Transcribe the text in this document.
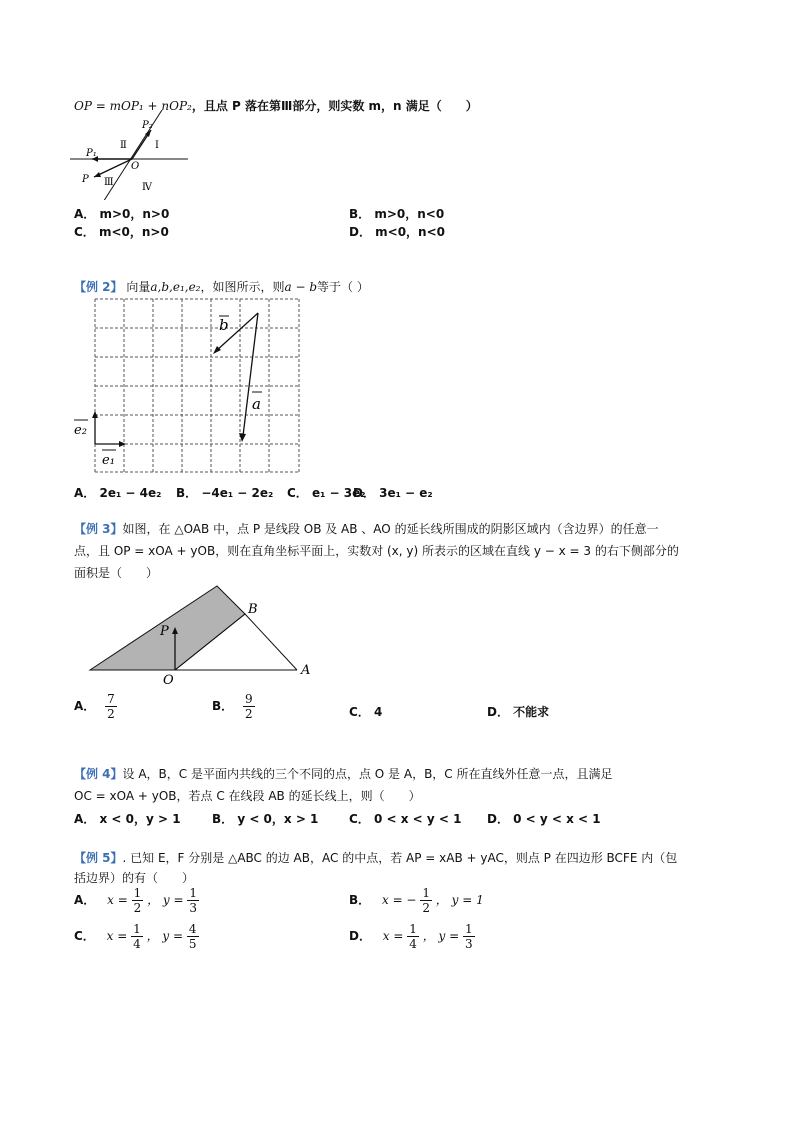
OP = mOP₁ + nOP₂，且点 P 落在第Ⅲ部分，则实数 m，n 满足（　　）
P₂
P₁
O
P
Ⅰ
Ⅱ
Ⅲ	Ⅳ
A． m>0，n>0	B． m>0，n<0
C． m<0，n>0	D． m<0，n<0
【例 2】 向量a,b,e₁,e₂，如图所示，则a − b等于（ ）
b
a
e₂
e₁
A． 2e₁ − 4e₂ B． −4e₁ − 2e₂ C． e₁ − 3e₂
D． 3e₁ − e₂
【例 3】如图，在 △OAB 中，点 P 是线段 OB 及 AB 、AO 的延长线所围成的阴影区域内（含边界）的任意一
点，且 OP = xOA + yOB，则在直角坐标平面上，实数对 (x, y) 所表示的区域在直线 y − x = 3 的右下侧部分的
面积是（　　）
B
P
O
A
A． $\frac{7}{2}$	B． $\frac{9}{2}$	C． 4	D． 不能求
【例 4】设 A，B，C 是平面内共线的三个不同的点，点 O 是 A，B，C 所在直线外任意一点，且满足
OC = xOA + yOB，若点 C 在线段 AB 的延长线上，则（　　）
A． x < 0，y > 1	B． y < 0，x > 1	C． 0 < x < y < 1 D． 0 < y < x < 1
【例 5】. 已知 E，F 分别是 △ABC 的边 AB，AC 的中点，若 AP = xAB + yAC，则点 P 在四边形 BCFE 内（包
括边界）的有（　　）
A． $x = \frac{1}{2}$ ， $y = \frac{1}{3}$	B． x = − $\frac{1}{2}$ ， y = 1
C． $x = \frac{1}{4}$ ， $y = \frac{4}{5}$	D． $x = \frac{1}{4}$ ， $y = \frac{1}{3}$
